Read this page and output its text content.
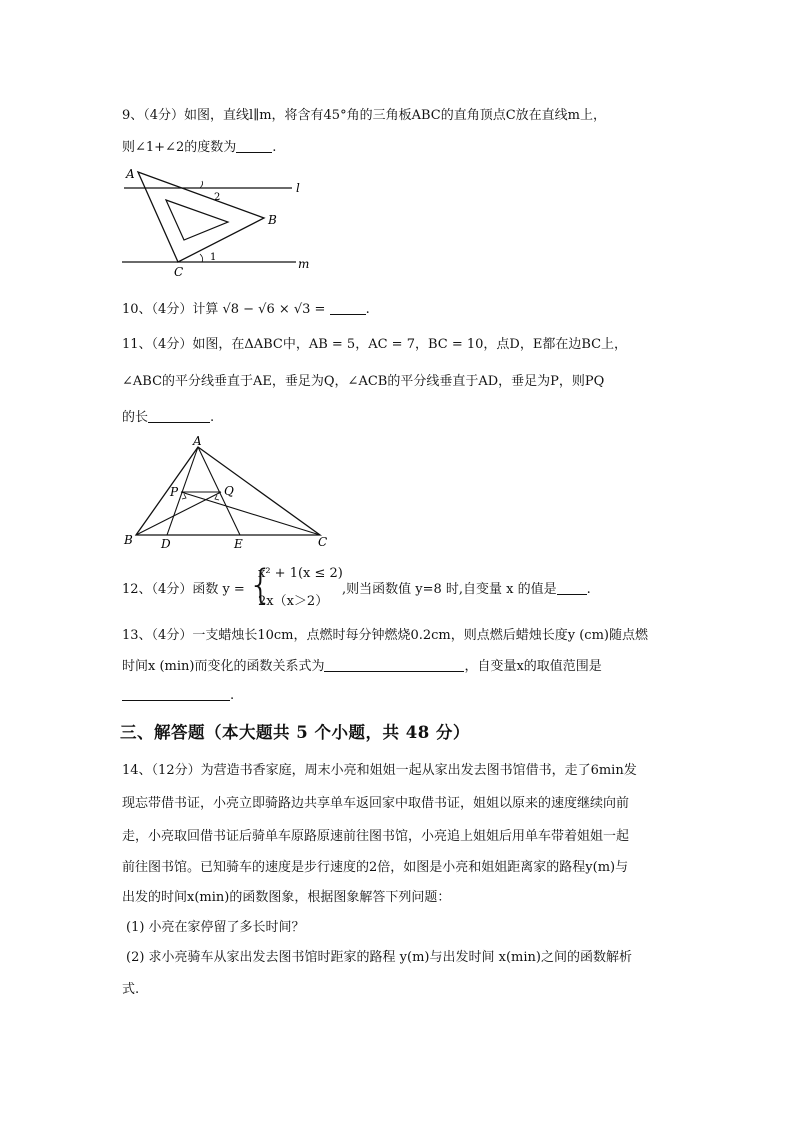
9、（4分）如图，直线l∥m，将含有45°角的三角板ABC的直角顶点C放在直线m上，
则∠1+∠2的度数为	.
A
B
C
l
m
2
1
10、（4分）计算 √8 − √6 × √3 =	.
11、（4分）如图，在ΔABC中，AB = 5，AC = 7，BC = 10，点D，E都在边BC上，
∠ABC的平分线垂直于AE，垂足为Q，∠ACB的平分线垂直于AD，垂足为P，则PQ
的长	.
A
B	C
D	E
P	Q
12、（4分）函数 y = {
x² + 1(x ≤ 2)
2x（x＞2）
,则当函数值 y=8 时,自变量 x 的值是 .
13、（4分）一支蜡烛长10cm，点燃时每分钟燃烧0.2cm，则点燃后蜡烛长度y (cm)随点燃
时间x (min)而变化的函数关系式为	，自变量x的取值范围是
.
三、解答题（本大题共 5 个小题，共 48 分）
14、（12分）为营造书香家庭，周末小亮和姐姐一起从家出发去图书馆借书，走了6min发
现忘带借书证，小亮立即骑路边共享单车返回家中取借书证，姐姐以原来的速度继续向前
走，小亮取回借书证后骑单车原路原速前往图书馆，小亮追上姐姐后用单车带着姐姐一起
前往图书馆。已知骑车的速度是步行速度的2倍，如图是小亮和姐姐距离家的路程y(m)与
出发的时间x(min)的函数图象，根据图象解答下列问题：
(1) 小亮在家停留了多长时间？
(2) 求小亮骑车从家出发去图书馆时距家的路程 y(m)与出发时间 x(min)之间的函数解析
式.
